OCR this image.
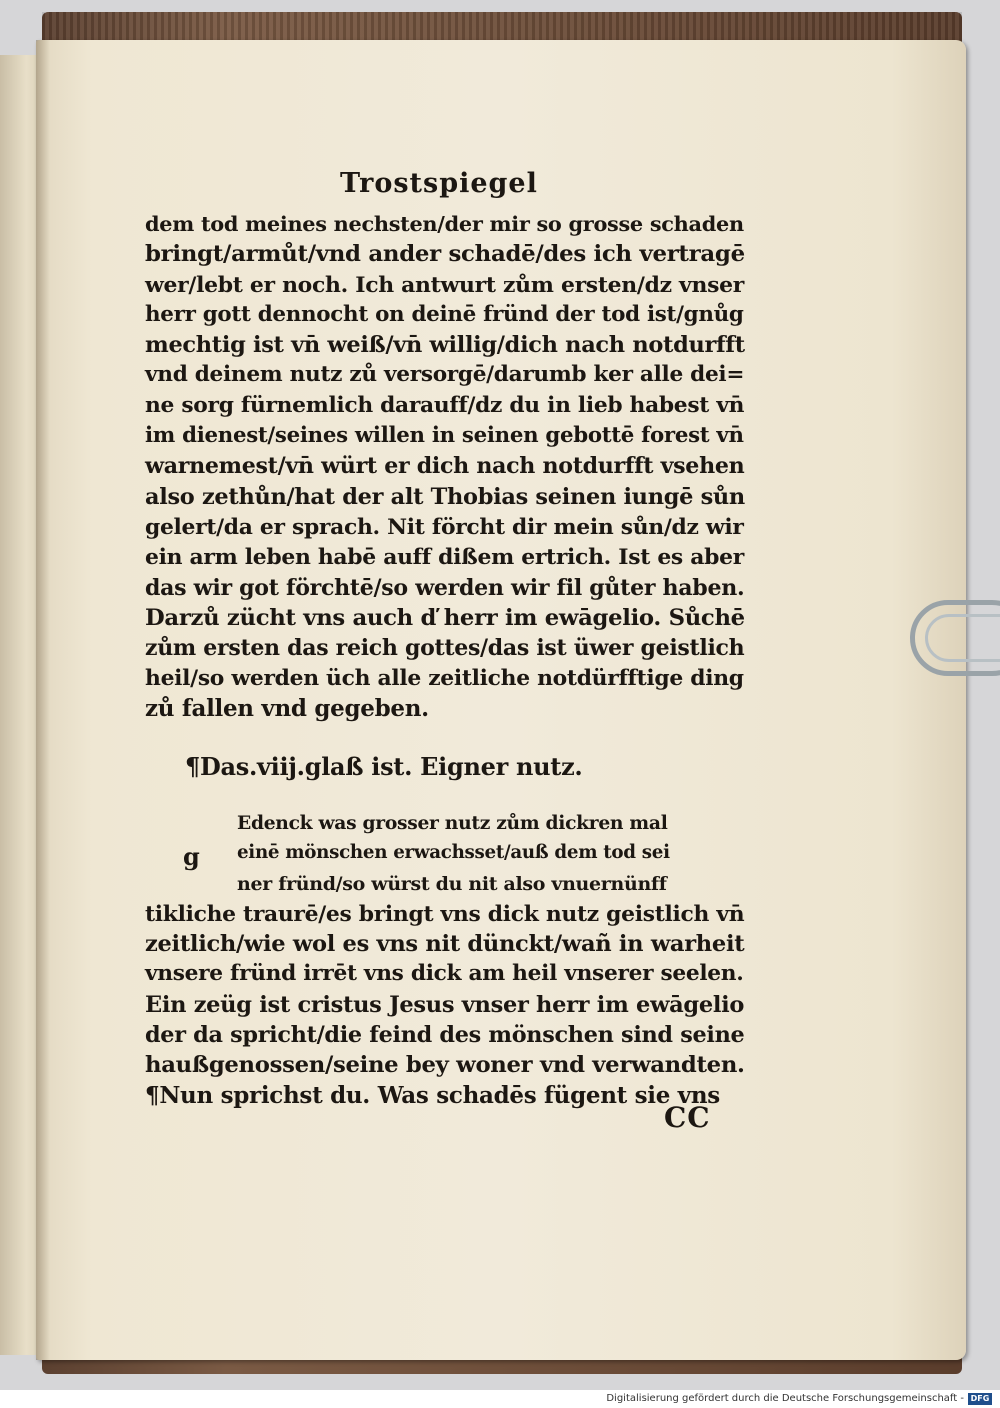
Trostspiegel
dem tod meines nechsten/der mir so grosse schaden
bringt/armůt/vnd ander schadē/des ich vertragē
wer/lebt er noch. Ich antwurt zům ersten/dz vnser
herr gott dennocht on deinē fründ der tod ist/gnůg
mechtig ist vn̄ weiß/vn̄ willig/dich nach notdurfft
vnd deinem nutz zů versorgē/darumb ker alle dei=
ne sorg fürnemlich darauff/dz du in lieb habest vn̄
im dienest/seines willen in seinen gebottē forest vn̄
warnemest/vn̄ würt er dich nach notdurfft vsehen
also zethůn/hat der alt Thobias seinen iungē sůn
gelert/da er sprach. Nit förcht dir mein sůn/dz wir
ein arm leben habē auff dißem ertrich. Ist es aber
das wir got förchtē/so werden wir fil gůter haben.
Darzů zücht vns auch ď herr im ewāgelio. Sůchē
zům ersten das reich gottes/das ist üwer geistlich
heil/so werden üch alle zeitliche notdürfftige ding
zů fallen vnd gegeben.
¶Das.viij.glaß ist. Eigner nutz.
g
Edenck was grosser nutz zům dickren mal
einē mönschen erwachsset/auß dem tod sei
ner fründ/so würst du nit also vnuernünff
tikliche traurē/es bringt vns dick nutz geistlich vn̄
zeitlich/wie wol es vns nit dünckt/wañ in warheit
vnsere fründ irrēt vns dick am heil vnserer seelen.
Ein zeüg ist cristus Jesus vnser herr im ewāgelio
der da spricht/die feind des mönschen sind seine
haußgenossen/seine bey woner vnd verwandten.
¶Nun sprichst du. Was schadēs fügent sie vns
CC
Digitalisierung gefördert durch die Deutsche Forschungsgemeinschaft - DFG
